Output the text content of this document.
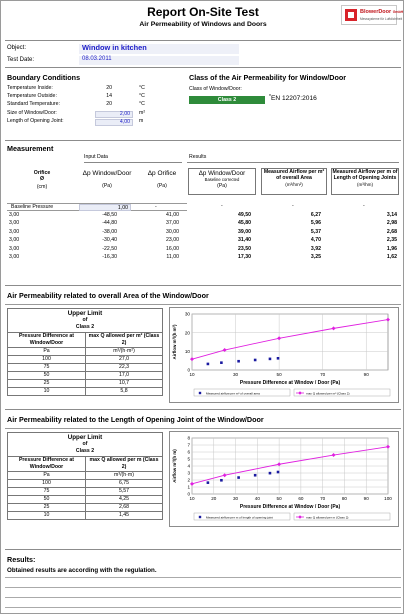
Report On-Site Test
Air Permeability of Windows and Doors
BlowerDoor GmbH
Messsysteme für Luftdichtheit
Object:	Window in kitchen
Test Date:	08.03.2011
Boundary Conditions
Temperature Inside:	20	°C
Temperature Outside:	14	°C
Standard Temperature:	20	°C
Size of Window/Door:	2,00	m²
Length of Opening Joint:	4,00	m
Class of the Air Permeability for Window/Door
Class of Window/Door:
Class 2	*EN 12207:2016
Measurement
Input Data	Results
Orifice
Ø
(cm)
Δp Window/Door
(Pa)
Δp Orifice
(Pa)
Δp Window/Door
Baseline corrected
(Pa)
Measured Airflow per m² of overall Area
(m³/hm²)
Measured Airflow per m of Length of Opening Joints
(m³/hm)
Baseline Pressure	1,00	-	-	-	-
3,00	-48,50	41,00	49,50	6,27	3,14
3,00	-44,80	37,00	45,80	5,96	2,98
3,00	-38,00	30,00	39,00	5,37	2,68
3,00	-30,40	23,00	31,40	4,70	2,35
3,00	-22,50	16,00	23,50	3,92	1,96
3,00	-16,30	11,00	17,30	3,25	1,62
Air Permeability related to overall Area of the Window/Door
Upper Limit
of
Class 2	

Pressure Difference at Window/Door	max Q allowed per m² (Class 2)
Pa	m³/(h·m²)
100	27,0
75	22,3
50	17,0
25	10,7
10	5,8
0
10
20
30
10	30	50	70	90
Pressure Difference at Window / Door (Pa)
Airflow m³/(h m²)
Measured airflow per m² of overall area	max Q allowed per m² (Class 2)
Air Permeability related to the Length of Opening Joint of the Window/Door
Upper Limit
of
Class 2	

Pressure Difference at Window/Door	max Q allowed per m (Class 2)
Pa	m³/(h·m)
100	6,75
75	5,57
50	4,25
25	2,68
10	1,45
0
1
2
3
4
5
6
7
8
10	20	30	40	50	60	70	80	90	100
Pressure Difference at Window / Door (Pa)
Airflow m³/(h m)
Measured airflow per m of length of opening joint	max Q allowed per m (Class 2)
Results:
Obtained results are according with the regulation.
